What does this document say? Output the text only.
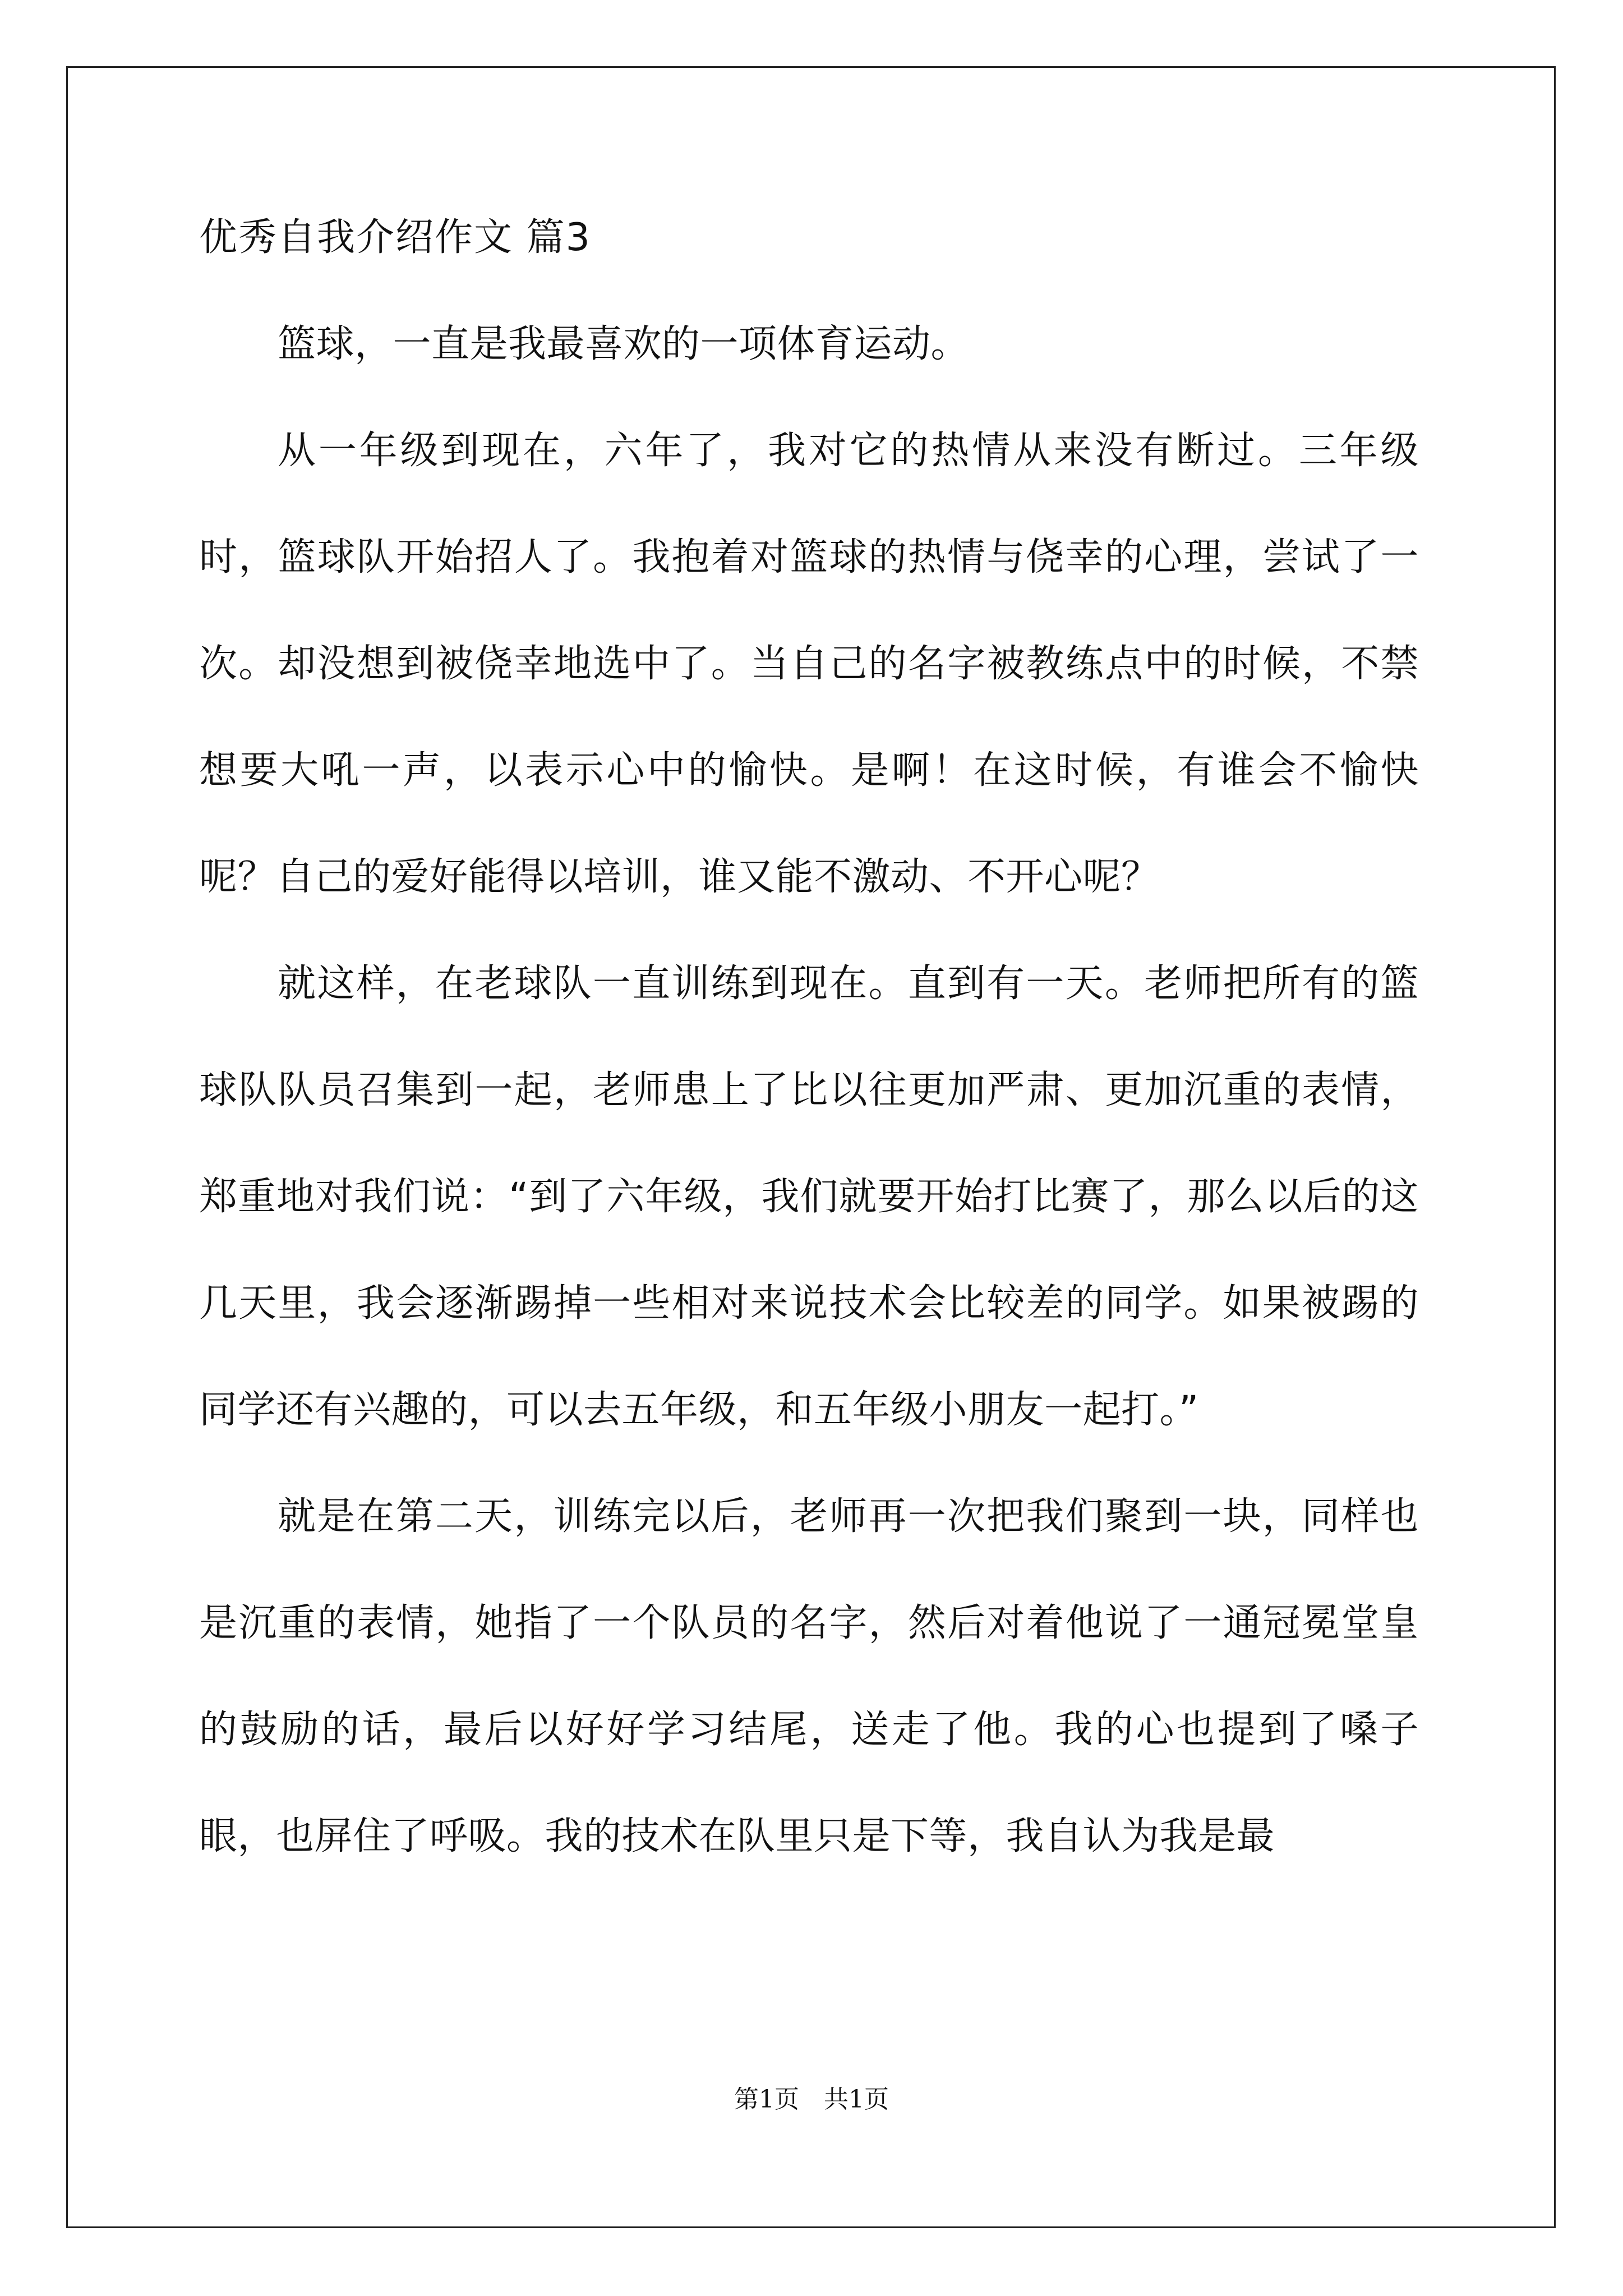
优秀自我介绍作文 篇3

篮球，一直是我最喜欢的一项体育运动。

从一年级到现在，六年了，我对它的热情从来没有断过。三年级时，篮球队开始招人了。我抱着对篮球的热情与侥幸的心理，尝试了一次。却没想到被侥幸地选中了。当自己的名字被教练点中的时候，不禁想要大吼一声，以表示心中的愉快。是啊！在这时候，有谁会不愉快呢？自己的爱好能得以培训，谁又能不激动、不开心呢？

就这样，在老球队一直训练到现在。直到有一天。老师把所有的篮球队队员召集到一起，老师患上了比以往更加严肃、更加沉重的表情，郑重地对我们说：“到了六年级，我们就要开始打比赛了，那么以后的这几天里，我会逐渐踢掉一些相对来说技术会比较差的同学。如果被踢的同学还有兴趣的，可以去五年级，和五年级小朋友一起打。”

就是在第二天，训练完以后，老师再一次把我们聚到一块，同样也是沉重的表情，她指了一个队员的名字，然后对着他说了一通冠冕堂皇的鼓励的话，最后以好好学习结尾，送走了他。我的心也提到了嗓子眼，也屏住了呼吸。我的技术在队里只是下等，我自认为我是最

第1页 共1页
